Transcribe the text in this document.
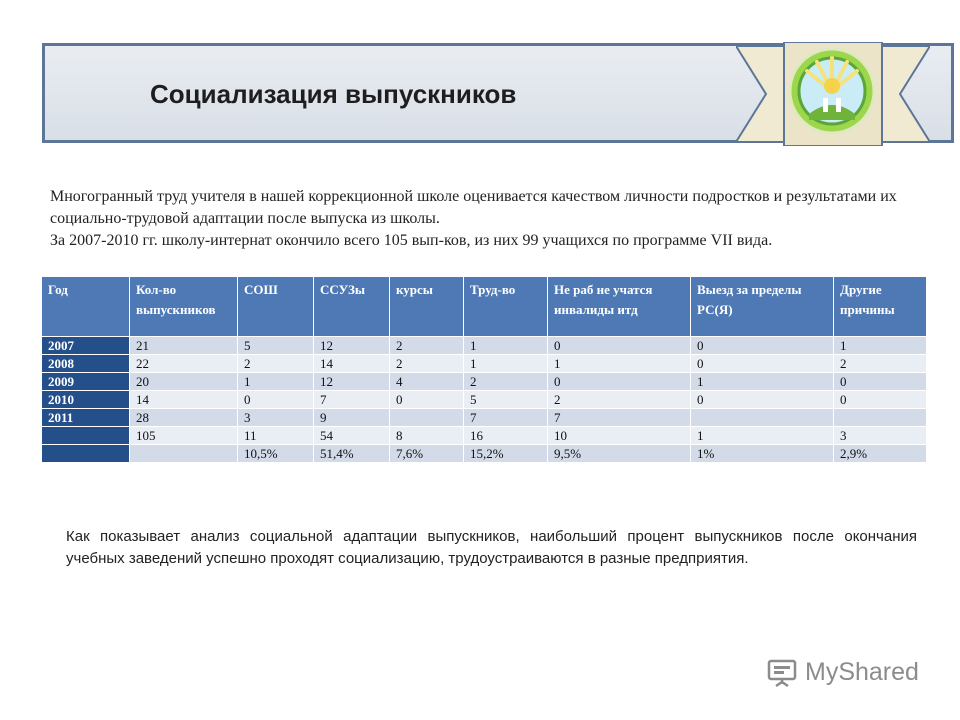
Социализация выпускников

Многогранный труд учителя в нашей коррекционной школе оценивается качеством личности подростков и результатами их социально-трудовой адаптации после выпуска из школы.

За 2007-2010 гг. школу-интернат окончило всего 105 вып-ков, из них 99 учащихся по программе VII вида.

Год	Кол-во выпускников	СОШ	ССУЗы	курсы	Труд-во	Не раб не учатся инвалиды итд	Выезд за пределы РС(Я)	Другие причины
2007	21	5	12	2	1	0	0	1
2008	22	2	14	2	1	1	0	2
2009	20	1	12	4	2	0	1	0
2010	14	0	7	0	5	2	0	0
2011	28	3	9		7	7		
	105	11	54	8	16	10	1	3
		10,5%	51,4%	7,6%	15,2%	9,5%	1%	2,9%
Как показывает анализ социальной адаптации выпускников, наибольший процент выпускников после окончания учебных заведений успешно проходят социализацию, трудоустраиваются в разные предприятия.
MyShared
